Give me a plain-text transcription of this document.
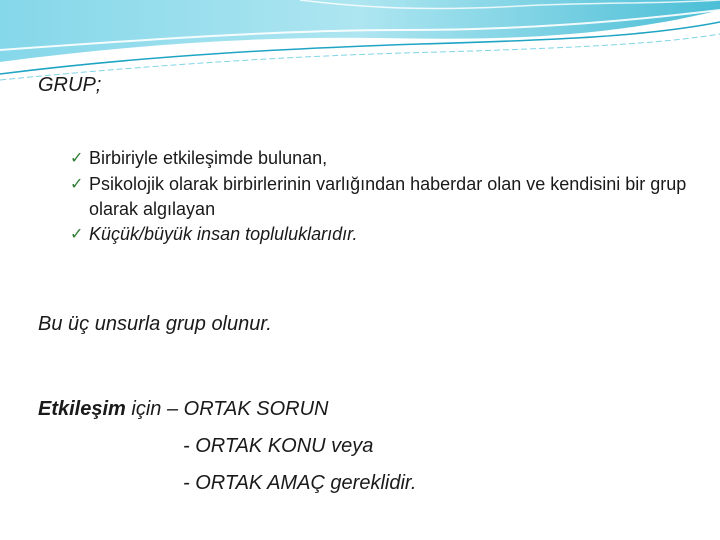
GRUP;
✓ Birbiriyle etkileşimde bulunan,
✓ Psikolojik olarak birbirlerinin varlığından haberdar olan ve kendisini bir grup olarak algılayan
✓ Küçük/büyük insan topluluklarıdır.
Bu üç unsurla grup olunur.
Etkileşim için – ORTAK SORUN
- ORTAK KONU veya
- ORTAK AMAÇ gereklidir.
